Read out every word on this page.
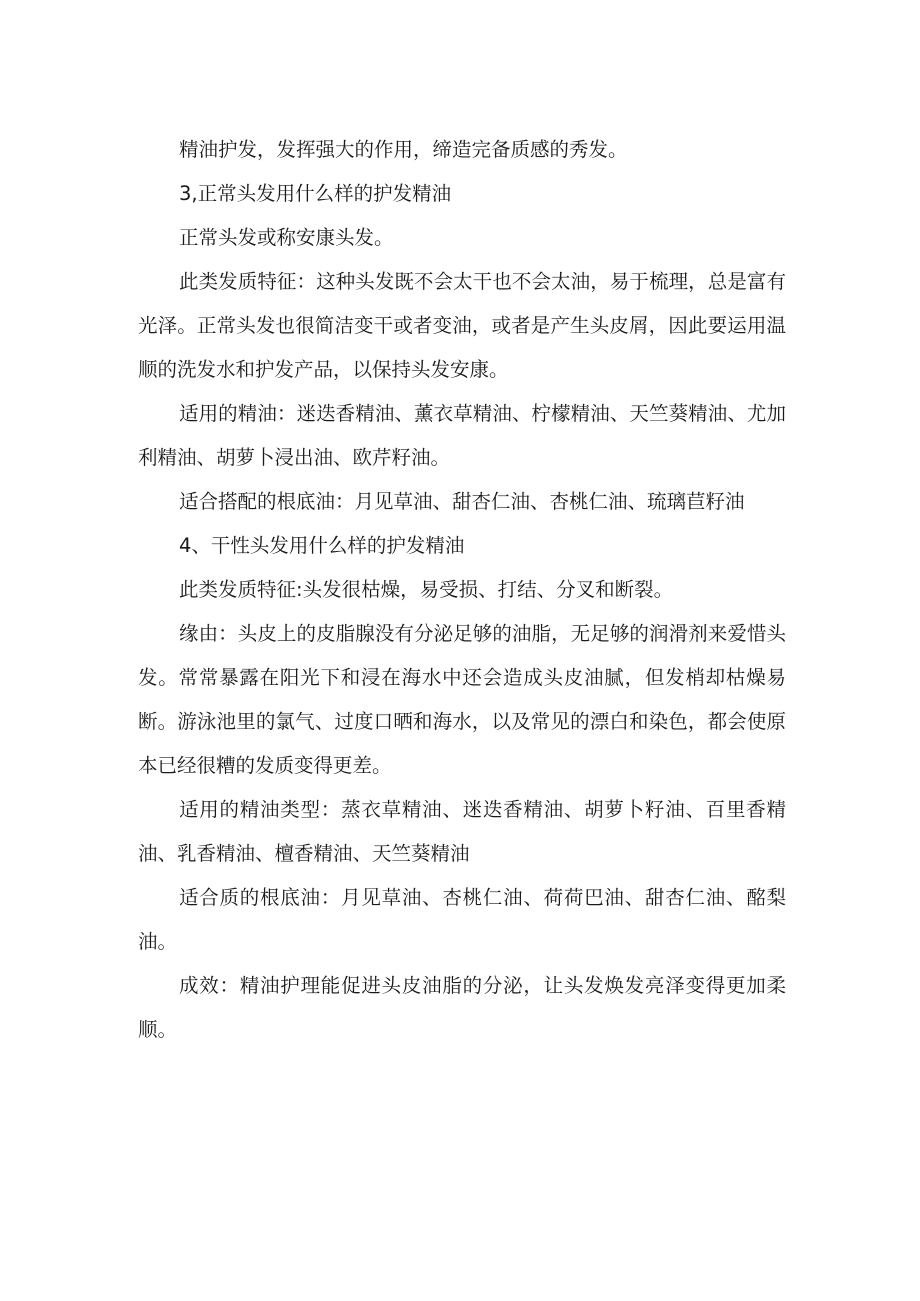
精油护发，发挥强大的作用，缔造完备质感的秀发。

3,正常头发用什么样的护发精油

正常头发或称安康头发。

此类发质特征：这种头发既不会太干也不会太油，易于梳理，总是富有光泽。正常头发也很简洁变干或者变油，或者是产生头皮屑，因此要运用温顺的洗发水和护发产品，以保持头发安康。

适用的精油：迷迭香精油、薰衣草精油、柠檬精油、天竺葵精油、尤加利精油、胡萝卜浸出油、欧芹籽油。

适合搭配的根底油：月见草油、甜杏仁油、杏桃仁油、琉璃苣籽油

4、干性头发用什么样的护发精油

此类发质特征:头发很枯燥，易受损、打结、分叉和断裂。

缘由：头皮上的皮脂腺没有分泌足够的油脂，无足够的润滑剂来爱惜头发。常常暴露在阳光下和浸在海水中还会造成头皮油腻，但发梢却枯燥易断。游泳池里的氯气、过度口晒和海水，以及常见的漂白和染色，都会使原本已经很糟的发质变得更差。

适用的精油类型：蒸衣草精油、迷迭香精油、胡萝卜籽油、百里香精油、乳香精油、檀香精油、天竺葵精油

适合质的根底油：月见草油、杏桃仁油、荷荷巴油、甜杏仁油、酩梨油。

成效：精油护理能促进头皮油脂的分泌，让头发焕发亮泽变得更加柔顺。
